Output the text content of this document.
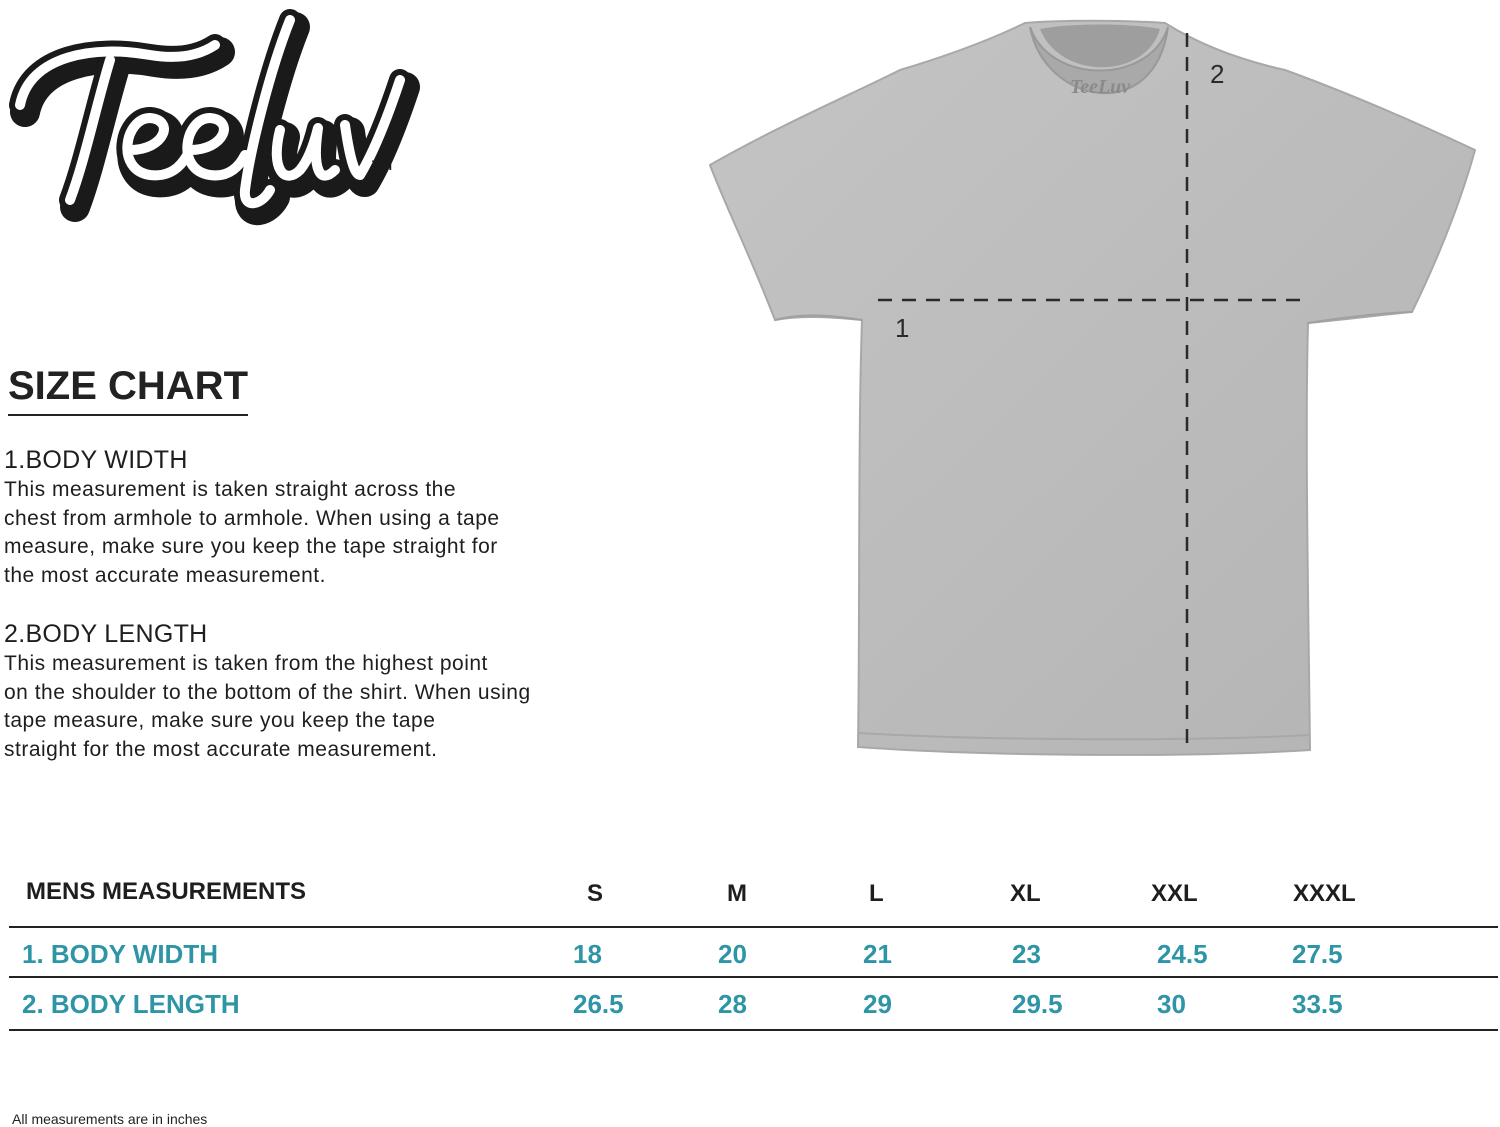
TM
SIZE CHART
1.BODY WIDTH
This measurement is taken straight across the
chest from armhole to armhole. When using a tape
measure, make sure you keep the tape straight for
the most accurate measurement.
2.BODY LENGTH
This measurement is taken from the highest point
on the shoulder to the bottom of the shirt. When using
tape measure, make sure you keep the tape
straight for the most accurate measurement.
TeeLuv
1
2
MENS MEASUREMENTS	S	M	L	XL	XXL	XXXL
1. BODY WIDTH	18	20	21	23	24.5	27.5
2. BODY LENGTH	26.5	28	29	29.5	30	33.5
All measurements are in inches
